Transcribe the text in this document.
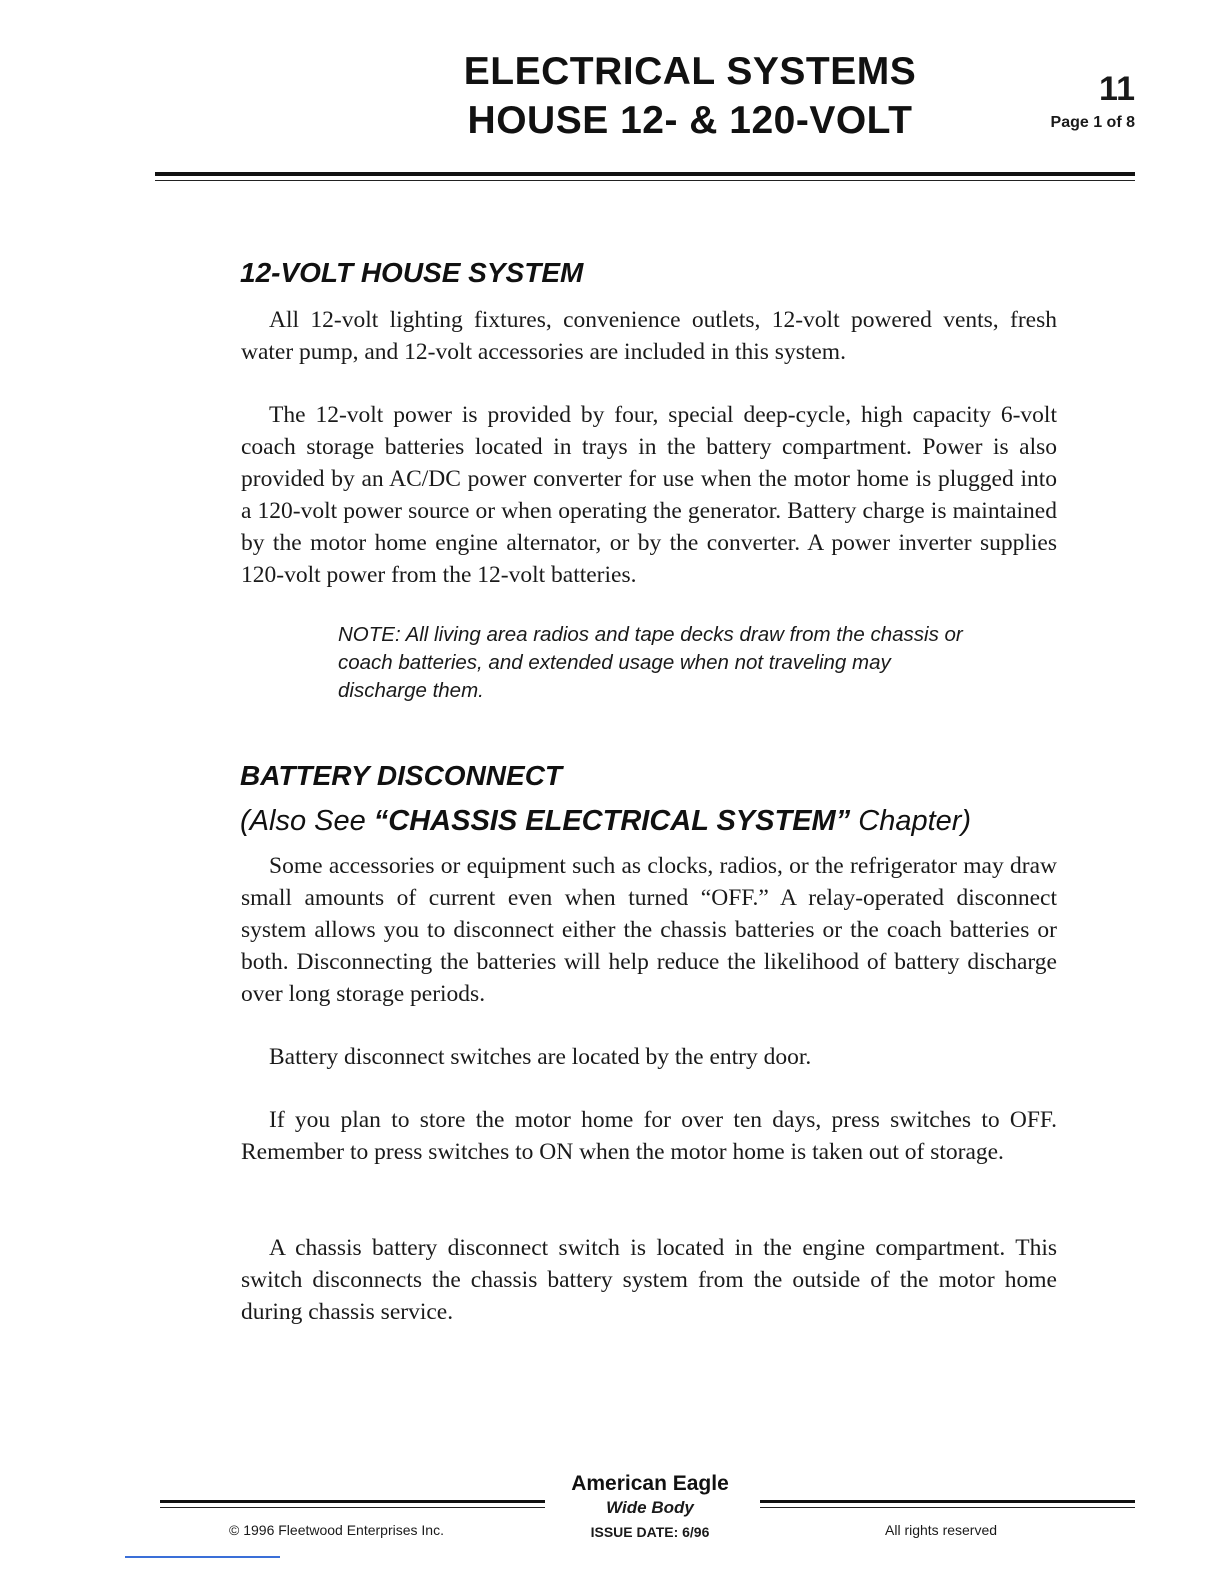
ELECTRICAL SYSTEMS
HOUSE 12- & 120-VOLT
11
Page 1 of 8
12-VOLT HOUSE SYSTEM

All 12-volt lighting fixtures, convenience outlets, 12-volt powered vents, fresh water pump, and 12-volt accessories are included in this system.

The 12-volt power is provided by four, special deep-cycle, high capacity 6-volt coach storage batteries located in trays in the battery compartment. Power is also provided by an AC/DC power converter for use when the motor home is plugged into a 120-volt power source or when operating the generator. Battery charge is maintained by the motor home engine alternator, or by the converter. A power inverter supplies 120-volt power from the 12-volt batteries.

NOTE: All living area radios and tape decks draw from the chassis or coach batteries, and extended usage when not traveling may discharge them.

BATTERY DISCONNECT
(Also See “CHASSIS ELECTRICAL SYSTEM” Chapter)

Some accessories or equipment such as clocks, radios, or the refrigerator may draw small amounts of current even when turned “OFF.” A relay-operated disconnect system allows you to disconnect either the chassis batteries or the coach batteries or both. Disconnecting the batteries will help reduce the likelihood of battery discharge over long storage periods.

Battery disconnect switches are located by the entry door.

If you plan to store the motor home for over ten days, press switches to OFF. Remember to press switches to ON when the motor home is taken out of storage.

A chassis battery disconnect switch is located in the engine compartment. This switch disconnects the chassis battery system from the outside of the motor home during chassis service.

American Eagle
Wide Body
ISSUE DATE: 6/96
© 1996 Fleetwood Enterprises Inc.	All rights reserved
